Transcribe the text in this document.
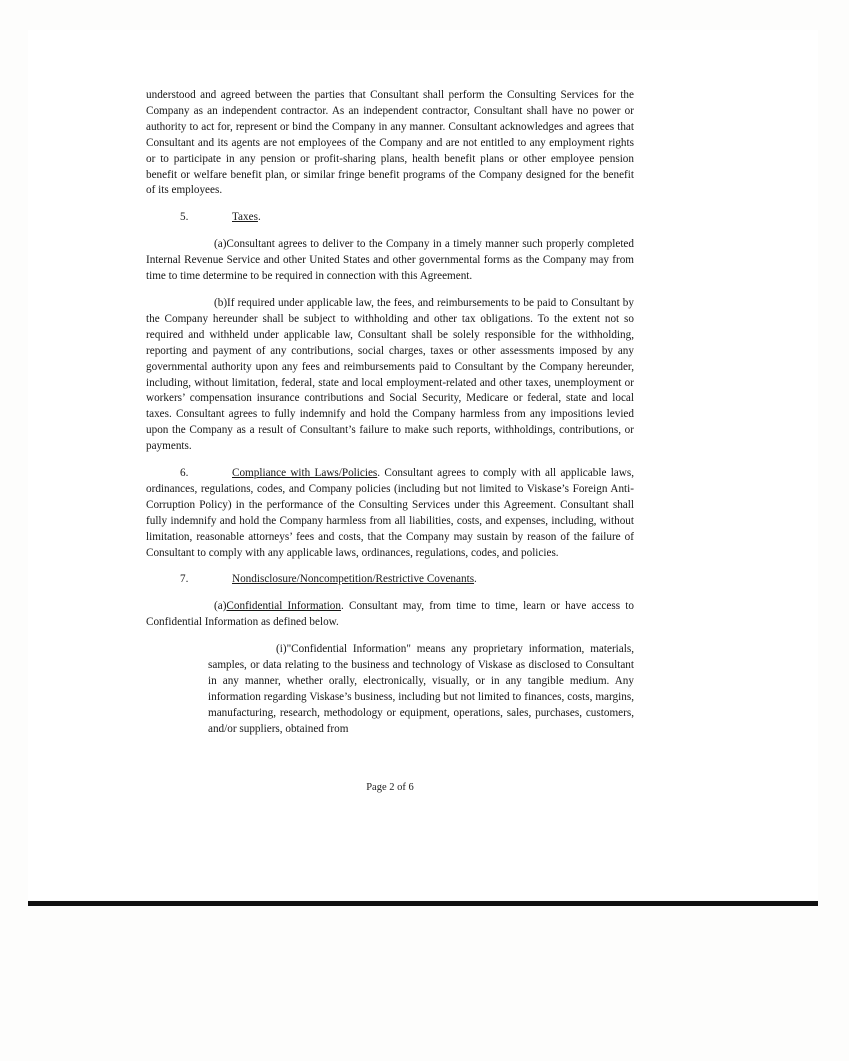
understood and agreed between the parties that Consultant shall perform the Consulting Services for the Company as an independent contractor. As an independent contractor, Consultant shall have no power or authority to act for, represent or bind the Company in any manner. Consultant acknowledges and agrees that Consultant and its agents are not employees of the Company and are not entitled to any employment rights or to participate in any pension or profit-sharing plans, health benefit plans or other employee pension benefit or welfare benefit plan, or similar fringe benefit programs of the Company designed for the benefit of its employees.

5.	Taxes.

(a)Consultant agrees to deliver to the Company in a timely manner such properly completed Internal Revenue Service and other United States and other governmental forms as the Company may from time to time determine to be required in connection with this Agreement.

(b)If required under applicable law, the fees, and reimbursements to be paid to Consultant by the Company hereunder shall be subject to withholding and other tax obligations. To the extent not so required and withheld under applicable law, Consultant shall be solely responsible for the withholding, reporting and payment of any contributions, social charges, taxes or other assessments imposed by any governmental authority upon any fees and reimbursements paid to Consultant by the Company hereunder, including, without limitation, federal, state and local employment-related and other taxes, unemployment or workers’ compensation insurance contributions and Social Security, Medicare or federal, state and local taxes. Consultant agrees to fully indemnify and hold the Company harmless from any impositions levied upon the Company as a result of Consultant’s failure to make such reports, withholdings, contributions, or payments.

6.	Compliance with Laws/Policies. Consultant agrees to comply with all applicable laws, ordinances, regulations, codes, and Company policies (including but not limited to Viskase’s Foreign Anti-Corruption Policy) in the performance of the Consulting Services under this Agreement. Consultant shall fully indemnify and hold the Company harmless from all liabilities, costs, and expenses, including, without limitation, reasonable attorneys’ fees and costs, that the Company may sustain by reason of the failure of Consultant to comply with any applicable laws, ordinances, regulations, codes, and policies.

7.	Nondisclosure/Noncompetition/Restrictive Covenants.

(a)Confidential Information. Consultant may, from time to time, learn or have access to Confidential Information as defined below.

(i)"Confidential Information" means any proprietary information, materials, samples, or data relating to the business and technology of Viskase as disclosed to Consultant in any manner, whether orally, electronically, visually, or in any tangible medium. Any information regarding Viskase’s business, including but not limited to finances, costs, margins, manufacturing, research, methodology or equipment, operations, sales, purchases, customers, and/or suppliers, obtained from

Page 2 of 6
